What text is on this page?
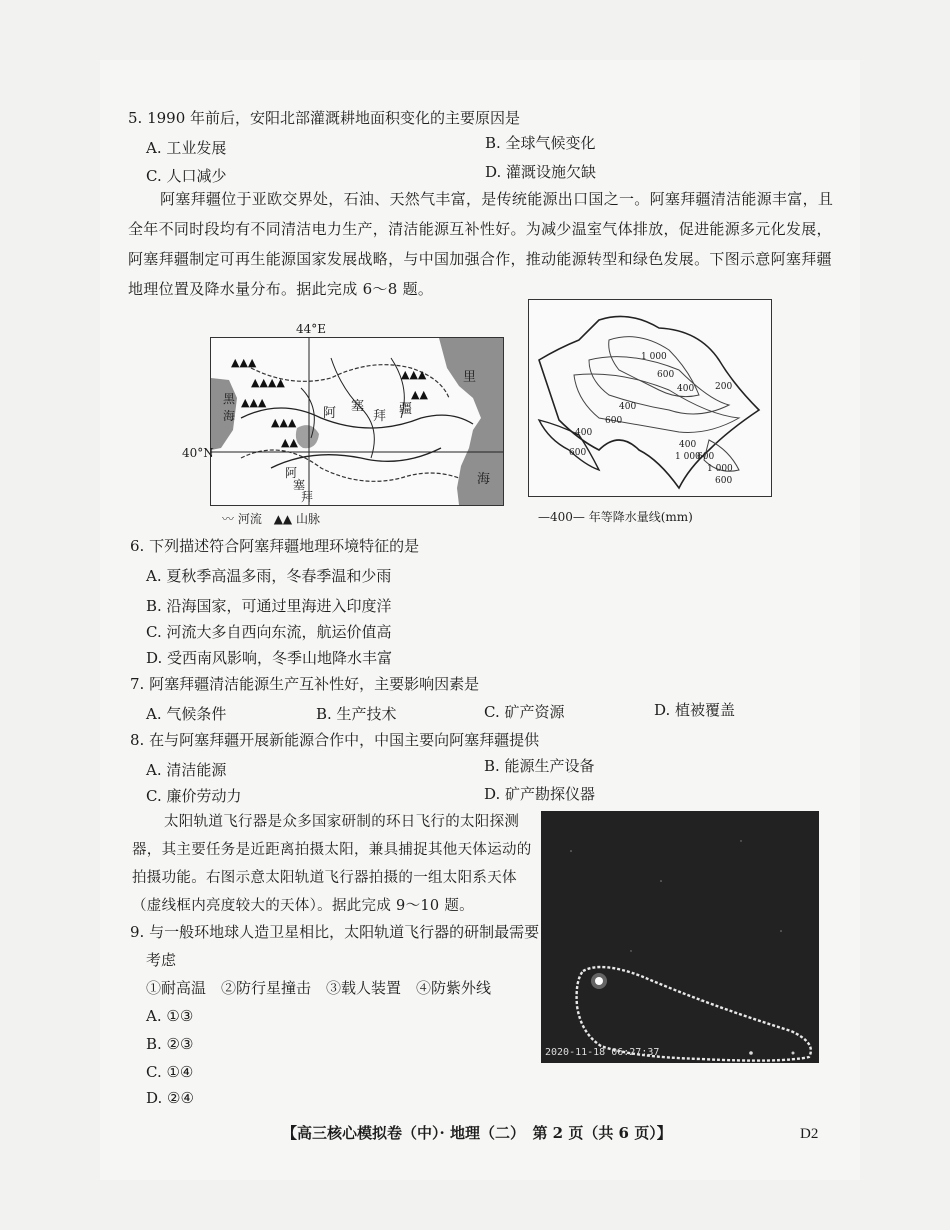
5. 1990 年前后，安阳北部灌溉耕地面积变化的主要原因是
A. 工业发展	B. 全球气候变化
C. 人口减少	D. 灌溉设施欠缺
阿塞拜疆位于亚欧交界处，石油、天然气丰富，是传统能源出口国之一。阿塞拜疆清洁能源丰富，且全年不同时段均有不同清洁电力生产，清洁能源互补性好。为减少温室气体排放，促进能源多元化发展，阿塞拜疆制定可再生能源国家发展战略，与中国加强合作，推动能源转型和绿色发展。下图示意阿塞拜疆地理位置及降水量分布。据此完成 6～8 题。
▲▲▲
▲▲▲▲
▲▲▲
▲▲▲
▲▲▲
▲▲
▲▲
黑海	阿 塞
拜 疆
阿
塞
拜
里
海
44°E
40°N
〰 河流 ▲▲ 山脉
1 000
600
400 200
400
600
400
600
400
600
1 000
1 000
600
—400— 年等降水量线(mm)
6. 下列描述符合阿塞拜疆地理环境特征的是
A. 夏秋季高温多雨，冬春季温和少雨
B. 沿海国家，可通过里海进入印度洋
C. 河流大多自西向东流，航运价值高
D. 受西南风影响，冬季山地降水丰富
7. 阿塞拜疆清洁能源生产互补性好，主要影响因素是
A. 气候条件	B. 生产技术	C. 矿产资源	D. 植被覆盖
8. 在与阿塞拜疆开展新能源合作中，中国主要向阿塞拜疆提供
A. 清洁能源	B. 能源生产设备
C. 廉价劳动力	D. 矿产勘探仪器
太阳轨道飞行器是众多国家研制的环日飞行的太阳探测器，其主要任务是近距离拍摄太阳，兼具捕捉其他天体运动的拍摄功能。右图示意太阳轨道飞行器拍摄的一组太阳系天体（虚线框内亮度较大的天体）。据此完成 9～10 题。
2020-11-18 06:27:37
9. 与一般环地球人造卫星相比，太阳轨道飞行器的研制最需要
考虑
①耐高温　②防行星撞击　③载人装置　④防紫外线
A. ①③
B. ②③
C. ①④
D. ②④
【高三核心模拟卷（中）· 地理（二）　第 2 页（共 6 页）】	D2
